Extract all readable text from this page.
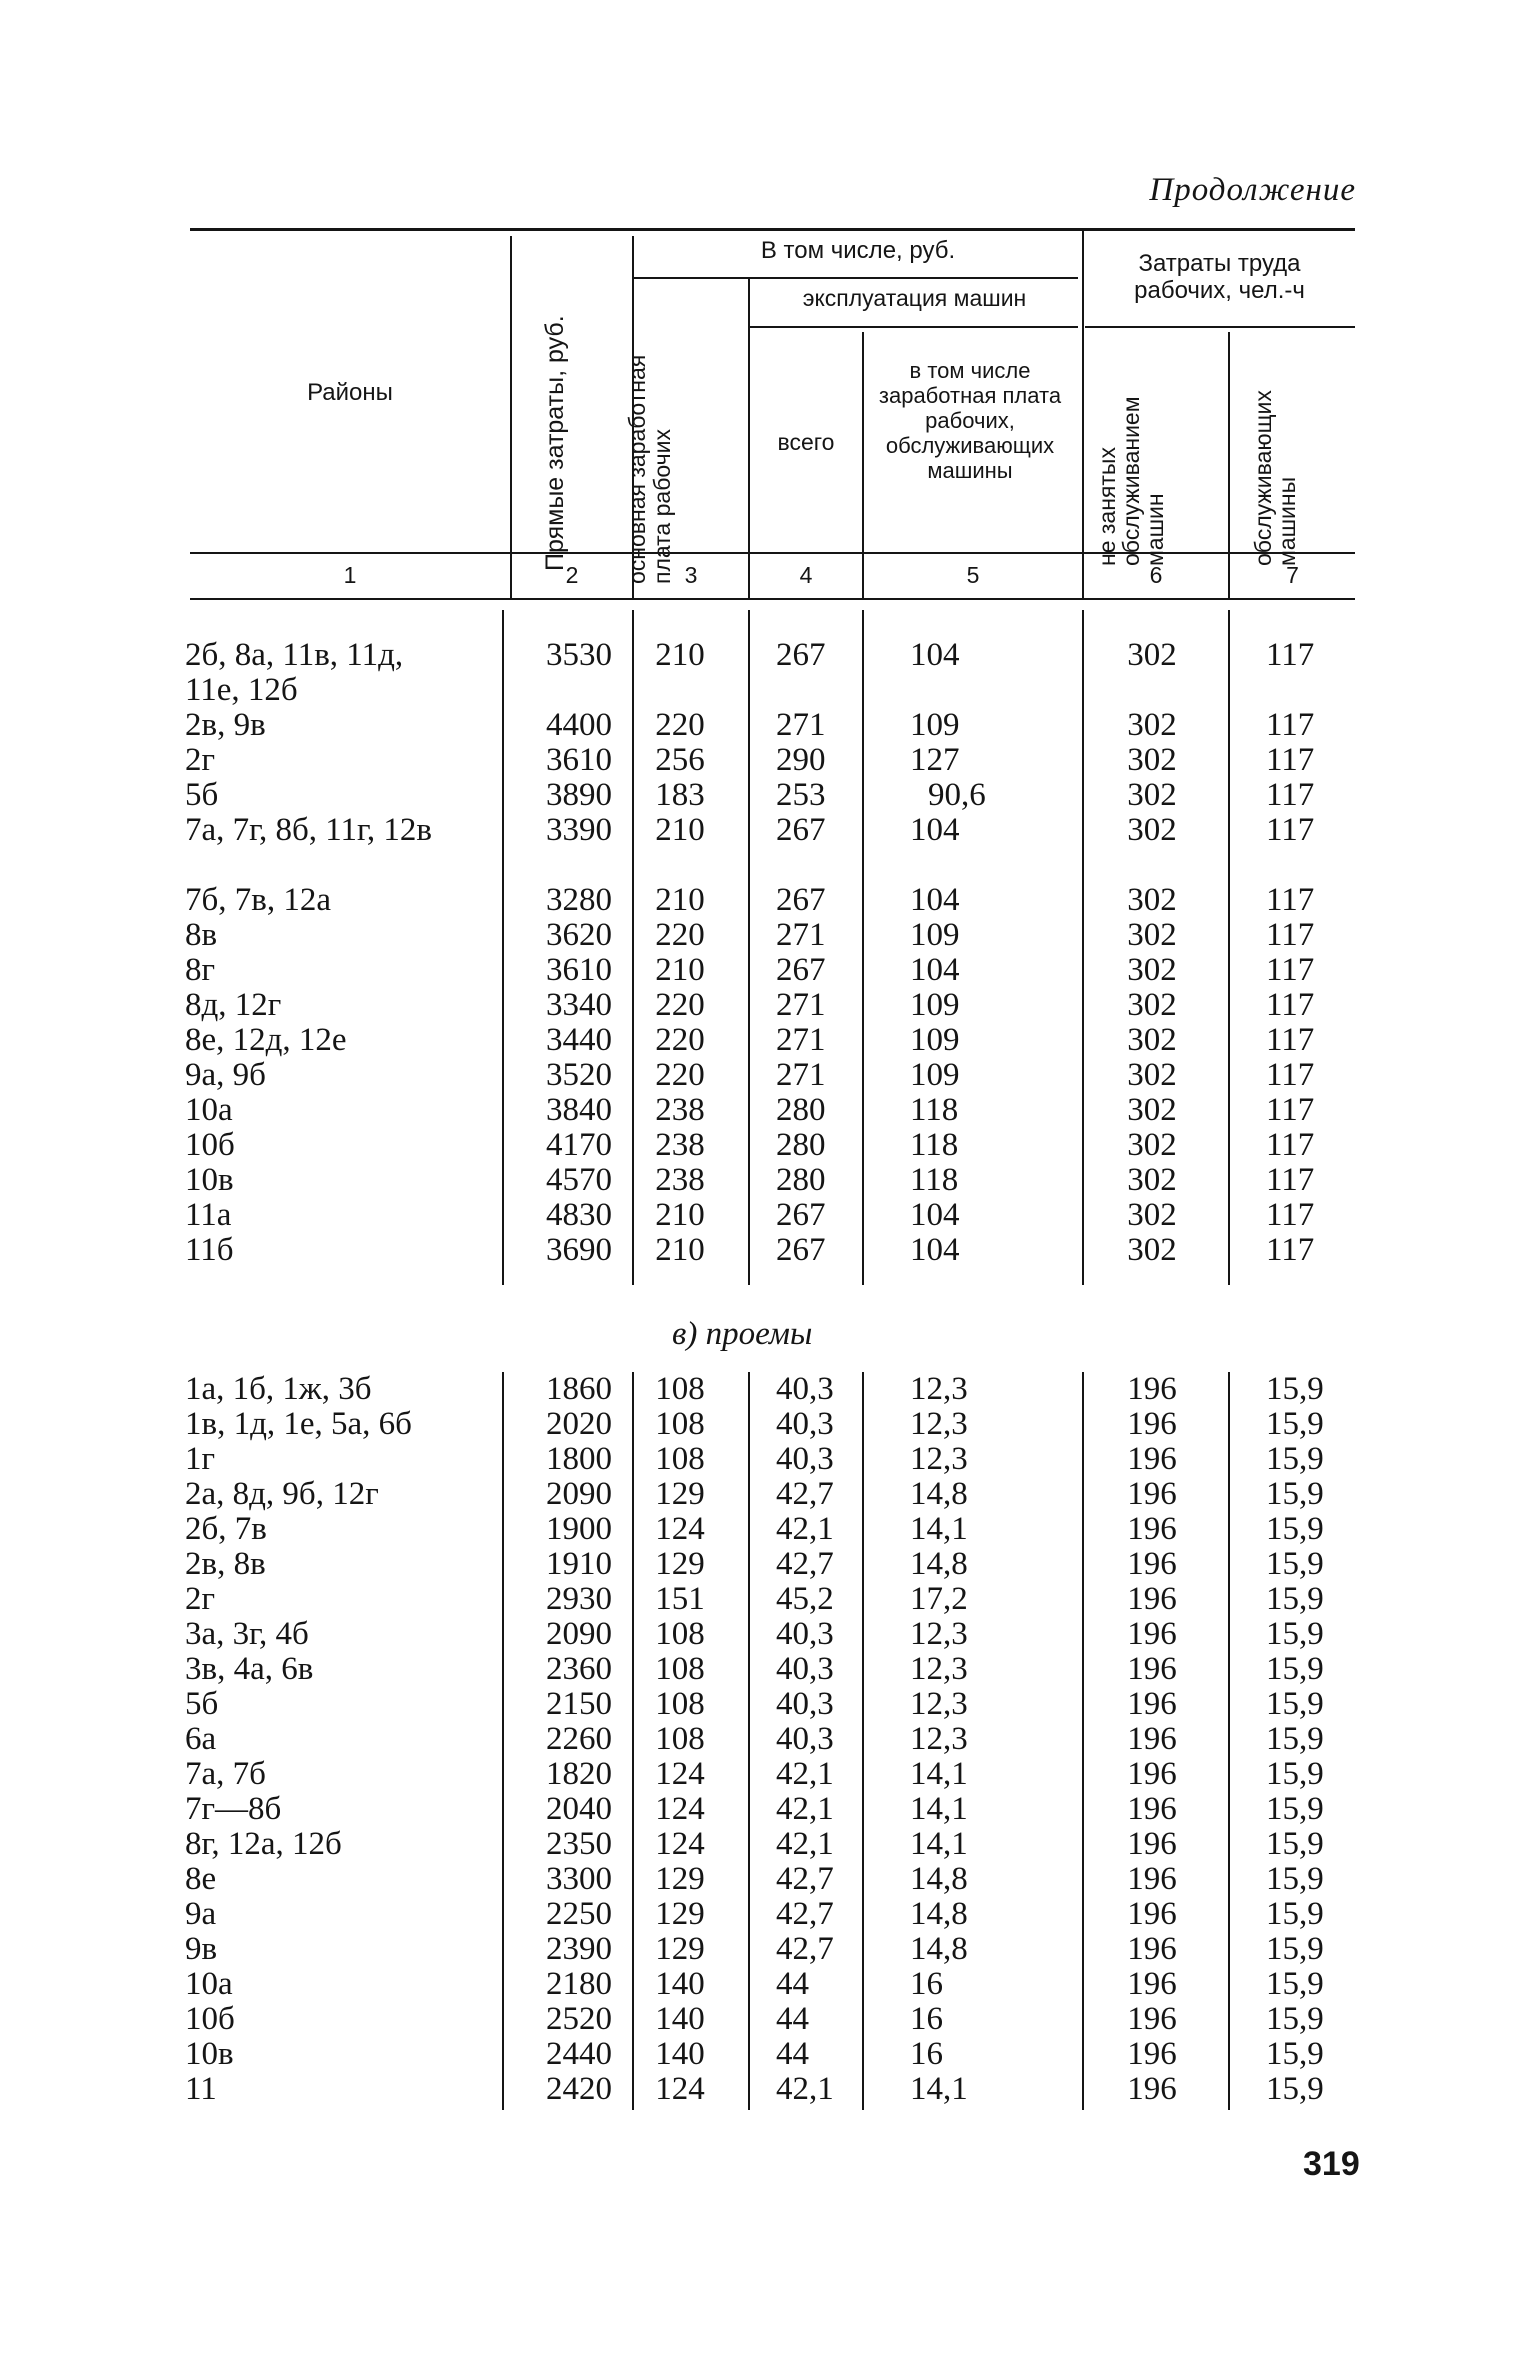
Продолжение
Районы	Прямые затраты, руб.
В том числе, руб.
основная заработная плата рабочих
эксплуатация машин
всего
в том числе заработная плата рабочих, обслуживающих машины
Затраты труда рабочих, чел.-ч
не занятых обслуживанием машин	обслуживающих машины
1	2	3	4	5	6	7
2б, 8а, 11в, 11д, 11е, 12б
3530	210	267	104	302	117
2в, 9в	4400	220	271	109	302	117
2г	3610	256	290	127	302	117
5б	3890	183	253	90,6	302	117
7а, 7г, 8б, 11г, 12в	3390	210	267	104	302	117
7б, 7в, 12а	3280	210	267	104	302	117
8в	3620	220	271	109	302	117
8г	3610	210	267	104	302	117
8д, 12г	3340	220	271	109	302	117
8е, 12д, 12е	3440	220	271	109	302	117
9а, 9б	3520	220	271	109	302	117
10а	3840	238	280	118	302	117
10б	4170	238	280	118	302	117
10в	4570	238	280	118	302	117
11а	4830	210	267	104	302	117
11б	3690	210	267	104	302	117
в) проемы
1а, 1б, 1ж, 3б	1860	108	40,3	12,3	196	15,9
1в, 1д, 1е, 5а, 6б	2020	108	40,3	12,3	196	15,9
1г	1800	108	40,3	12,3	196	15,9
2а, 8д, 9б, 12г	2090	129	42,7	14,8	196	15,9
2б, 7в	1900	124	42,1	14,1	196	15,9
2в, 8в	1910	129	42,7	14,8	196	15,9
2г	2930	151	45,2	17,2	196	15,9
3а, 3г, 4б	2090	108	40,3	12,3	196	15,9
3в, 4а, 6в	2360	108	40,3	12,3	196	15,9
5б	2150	108	40,3	12,3	196	15,9
6а	2260	108	40,3	12,3	196	15,9
7а, 7б	1820	124	42,1	14,1	196	15,9
7г—8б	2040	124	42,1	14,1	196	15,9
8г, 12а, 12б	2350	124	42,1	14,1	196	15,9
8е	3300	129	42,7	14,8	196	15,9
9а	2250	129	42,7	14,8	196	15,9
9в	2390	129	42,7	14,8	196	15,9
10а	2180	140	44	16	196	15,9
10б	2520	140	44	16	196	15,9
10в	2440	140	44	16	196	15,9
11	2420	124	42,1	14,1	196	15,9
319
